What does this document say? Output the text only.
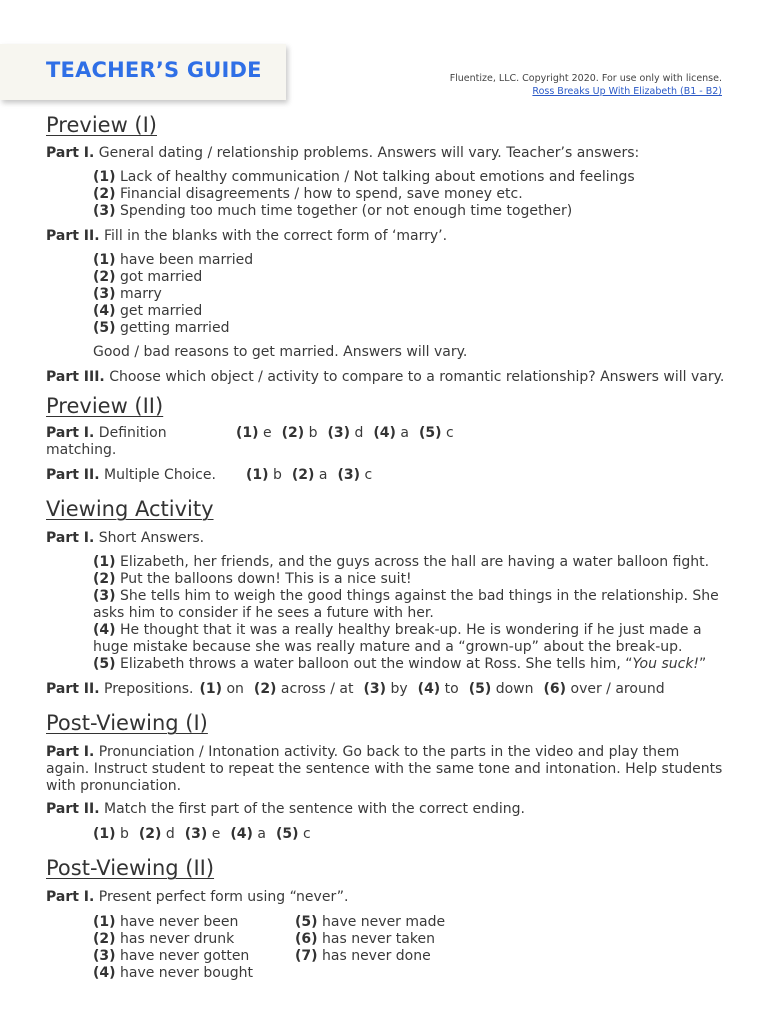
TEACHER’S GUIDE	Fluentize, LLC. Copyright 2020. For use only with license.
Ross Breaks Up With Elizabeth (B1 - B2)
Preview (I)

Part I. General dating / relationship problems. Answers will vary. Teacher’s answers:

(1) Lack of healthy communication / Not talking about emotions and feelings
(2) Financial disagreements / how to spend, save money etc.
(3) Spending too much time together (or not enough time together)

Part II. Fill in the blanks with the correct form of ‘marry’.

(1) have been married
(2) got married
(3) marry
(4) get married
(5) getting married
Good / bad reasons to get married. Answers will vary.

Part III. Choose which object / activity to compare to a romantic relationship? Answers will vary.

Preview (II)
Part I. Definition matching.
(1) e (2) b (3) d (4) a (5) c
Part II. Multiple Choice.	(1) b (2) a (3) c
Viewing Activity

Part I. Short Answers.

(1) Elizabeth, her friends, and the guys across the hall are having a water balloon fight.
(2) Put the balloons down! This is a nice suit!
(3) She tells him to weigh the good things against the bad things in the relationship. She asks him to consider if he sees a future with her.
(4) He thought that it was a really healthy break-up. He is wondering if he just made a huge mistake because she was really mature and a “grown-up” about the break-up.
(5) Elizabeth throws a water balloon out the window at Ross. She tells him, “You suck!”
Part II. Prepositions. (1) on (2) across / at (3) by (4) to (5) down (6) over / around
Post-Viewing (I)

Part I. Pronunciation / Intonation activity. Go back to the parts in the video and play them again. Instruct student to repeat the sentence with the same tone and intonation. Help students with pronunciation.

Part II. Match the first part of the sentence with the correct ending.

(1) b (2) d (3) e (4) a (5) c
Post-Viewing (II)

Part I. Present perfect form using “never”.

(1) have never been
(2) has never drunk
(3) have never gotten
(4) have never bought
(5) have never made
(6) has never taken
(7) has never done
